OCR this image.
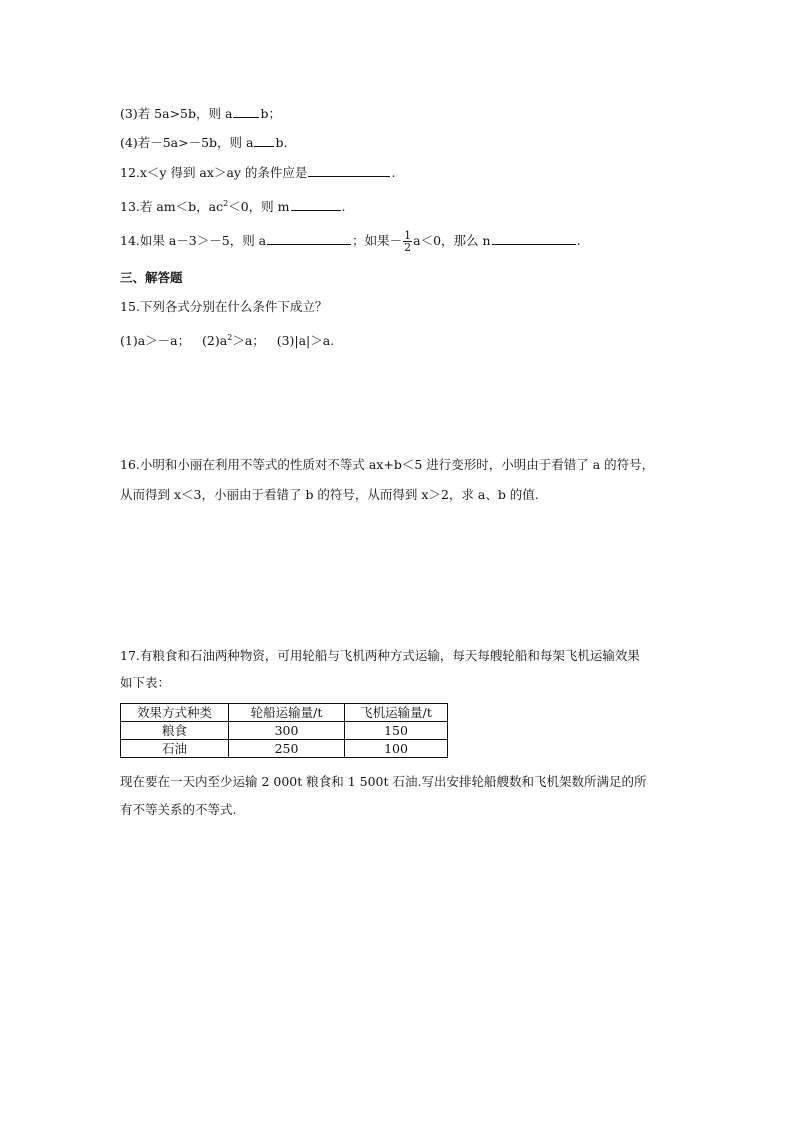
(3)若 5a>5b，则 a b；
(4)若－5a>－5b，则 a b.
12.x＜y 得到 ax＞ay 的条件应是	.
13.若 am＜b，$ac^2<0$，则 m	.
14.如果 a－3＞－5，则 a	；如果－ $\frac{1}{2} a<0$，那么 n	.
三、解答题
15.下列各式分别在什么条件下成立？
(1)a＞－a； $(2)a^2>a$； (3)|a|＞a.
16.小明和小丽在利用不等式的性质对不等式 ax+b＜5 进行变形时，小明由于看错了 a 的符号，
从而得到 x＜3，小丽由于看错了 b 的符号，从而得到 x＞2，求 a、b 的值.
17.有粮食和石油两种物资，可用轮船与飞机两种方式运输，每天每艘轮船和每架飞机运输效果
如下表：
效果方式种类	轮船运输量/t	飞机运输量/t
粮食	300	150
石油	250	100
现在要在一天内至少运输 2 000t 粮食和 1 500t 石油.写出安排轮船艘数和飞机架数所满足的所
有不等关系的不等式.
